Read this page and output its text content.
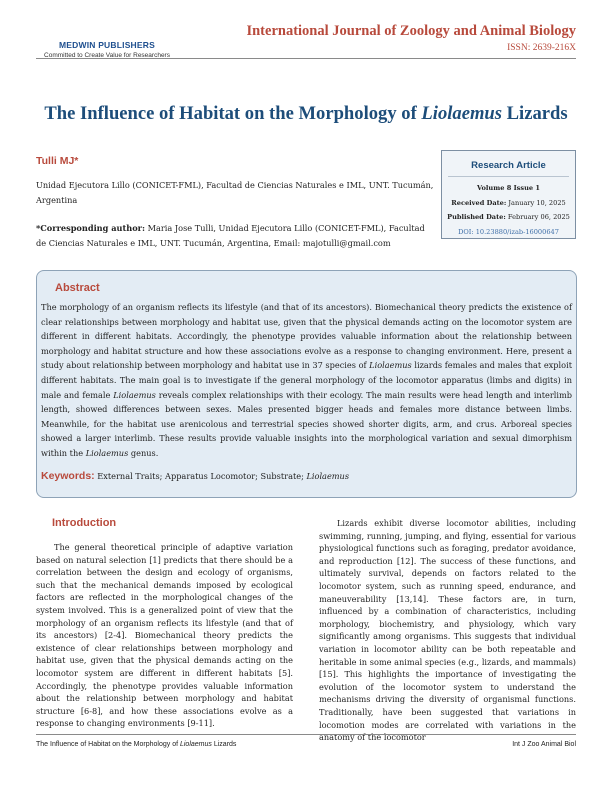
MEDWIN PUBLISHERS
Committed to Create Value for Researchers
International Journal of Zoology and Animal Biology
ISSN: 2639-216X
The Influence of Habitat on the Morphology of Liolaemus Lizards
Tulli MJ*
Unidad Ejecutora Lillo (CONICET-FML), Facultad de Ciencias Naturales e IML, UNT. Tucumán, Argentina
*Corresponding author: Maria Jose Tulli, Unidad Ejecutora Lillo (CONICET-FML), Facultad de Ciencias Naturales e IML, UNT. Tucumán, Argentina, Email: majotulli@gmail.com
Research Article
Volume 8 Issue 1
Received Date: January 10, 2025
Published Date: February 06, 2025
DOI: 10.23880/izab-16000647
Abstract
The morphology of an organism reflects its lifestyle (and that of its ancestors). Biomechanical theory predicts the existence of clear relationships between morphology and habitat use, given that the physical demands acting on the locomotor system are different in different habitats. Accordingly, the phenotype provides valuable information about the relationship between morphology and habitat structure and how these associations evolve as a response to changing environment. Here, present a study about relationship between morphology and habitat use in 37 species of Liolaemus lizards females and males that exploit different habitats. The main goal is to investigate if the general morphology of the locomotor apparatus (limbs and digits) in male and female Liolaemus reveals complex relationships with their ecology. The main results were head length and interlimb length, showed differences between sexes. Males presented bigger heads and females more distance between limbs. Meanwhile, for the habitat use arenicolous and terrestrial species showed shorter digits, arm, and crus. Arboreal species showed a larger interlimb. These results provide valuable insights into the morphological variation and sexual dimorphism within the Liolaemus genus.
Keywords: External Traits; Apparatus Locomotor; Substrate; Liolaemus
Introduction
The general theoretical principle of adaptive variation based on natural selection [1] predicts that there should be a correlation between the design and ecology of organisms, such that the mechanical demands imposed by ecological factors are reflected in the morphological changes of the system involved. This is a generalized point of view that the morphology of an organism reflects its lifestyle (and that of its ancestors) [2-4]. Biomechanical theory predicts the existence of clear relationships between morphology and habitat use, given that the physical demands acting on the locomotor system are different in different habitats [5]. Accordingly, the phenotype provides valuable information about the relationship between morphology and habitat structure [6-8], and how these associations evolve as a response to changing environments [9-11].
Lizards exhibit diverse locomotor abilities, including swimming, running, jumping, and flying, essential for various physiological functions such as foraging, predator avoidance, and reproduction [12]. The success of these functions, and ultimately survival, depends on factors related to the locomotor system, such as running speed, endurance, and maneuverability [13,14]. These factors are, in turn, influenced by a combination of characteristics, including morphology, biochemistry, and physiology, which vary significantly among organisms. This suggests that individual variation in locomotor ability can be both repeatable and heritable in some animal species (e.g., lizards, and mammals) [15]. This highlights the importance of investigating the evolution of the locomotor system to understand the mechanisms driving the diversity of organismal functions. Traditionally, have been suggested that variations in locomotion modes are correlated with variations in the anatomy of the locomotor
The Influence of Habitat on the Morphology of Liolaemus Lizards	Int J Zoo Animal Biol
